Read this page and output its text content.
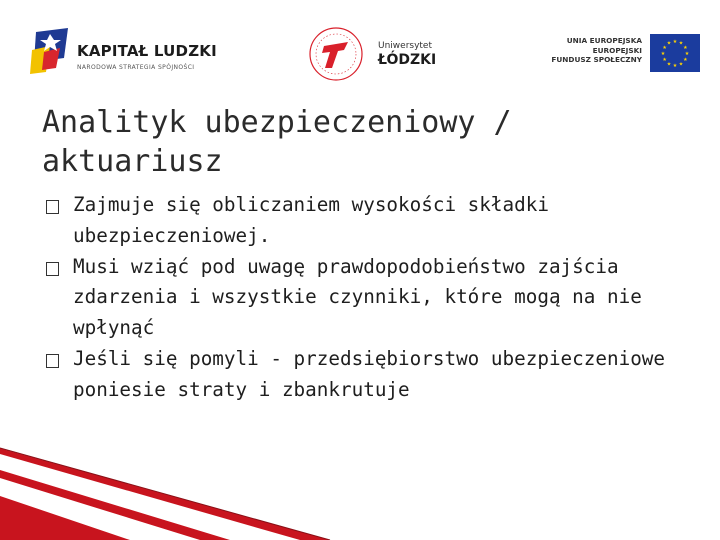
KAPITAŁ LUDZKI
NARODOWA STRATEGIA SPÓJNOŚCI
Uniwersytet
ŁÓDZKI
UNIA EUROPEJSKA
EUROPEJSKI
FUNDUSZ SPOŁECZNY
★ ★
★
★
★
★
★
★
★
★
★
★
Analityk ubezpieczeniowy /
aktuariusz
Zajmuje się obliczaniem wysokości składki ubezpieczeniowej.
Musi wziąć pod uwagę prawdopodobieństwo zajścia zdarzenia i wszystkie czynniki, które mogą na nie wpłynąć
Jeśli się pomyli - przedsiębiorstwo ubezpieczeniowe poniesie straty i zbankrutuje
